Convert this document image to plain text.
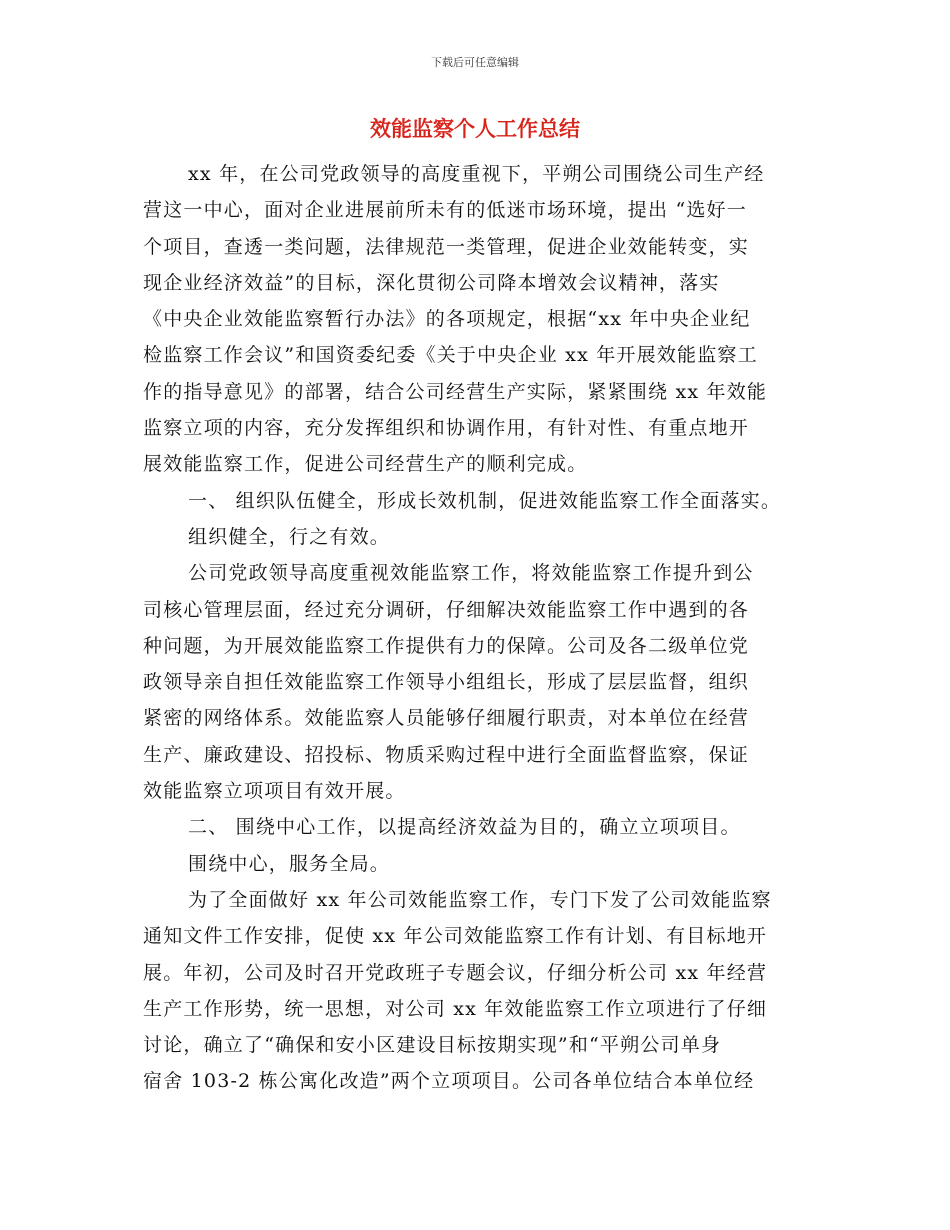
下载后可任意编辑
效能监察个人工作总结
xx 年，在公司党政领导的高度重视下，平朔公司围绕公司生产经
营这一中心，面对企业进展前所未有的低迷市场环境，提出 “选好一
个项目，查透一类问题，法律规范一类管理，促进企业效能转变，实
现企业经济效益”的目标，深化贯彻公司降本增效会议精神，落实
《中央企业效能监察暂行办法》的各项规定，根据“xx 年中央企业纪
检监察工作会议”和国资委纪委《关于中央企业 xx 年开展效能监察工
作的指导意见》的部署，结合公司经营生产实际，紧紧围绕 xx 年效能
监察立项的内容，充分发挥组织和协调作用，有针对性、有重点地开
展效能监察工作，促进公司经营生产的顺利完成。
一、 组织队伍健全，形成长效机制，促进效能监察工作全面落实。
组织健全，行之有效。
公司党政领导高度重视效能监察工作，将效能监察工作提升到公
司核心管理层面，经过充分调研，仔细解决效能监察工作中遇到的各
种问题，为开展效能监察工作提供有力的保障。公司及各二级单位党
政领导亲自担任效能监察工作领导小组组长，形成了层层监督，组织
紧密的网络体系。效能监察人员能够仔细履行职责，对本单位在经营
生产、廉政建设、招投标、物质采购过程中进行全面监督监察，保证
效能监察立项项目有效开展。
二、 围绕中心工作，以提高经济效益为目的，确立立项项目。
围绕中心，服务全局。
为了全面做好 xx 年公司效能监察工作，专门下发了公司效能监察
通知文件工作安排，促使 xx 年公司效能监察工作有计划、有目标地开
展。年初，公司及时召开党政班子专题会议，仔细分析公司 xx 年经营
生产工作形势，统一思想，对公司 xx 年效能监察工作立项进行了仔细
讨论，确立了“确保和安小区建设目标按期实现”和“平朔公司单身
宿舍 103-2 栋公寓化改造”两个立项项目。公司各单位结合本单位经
